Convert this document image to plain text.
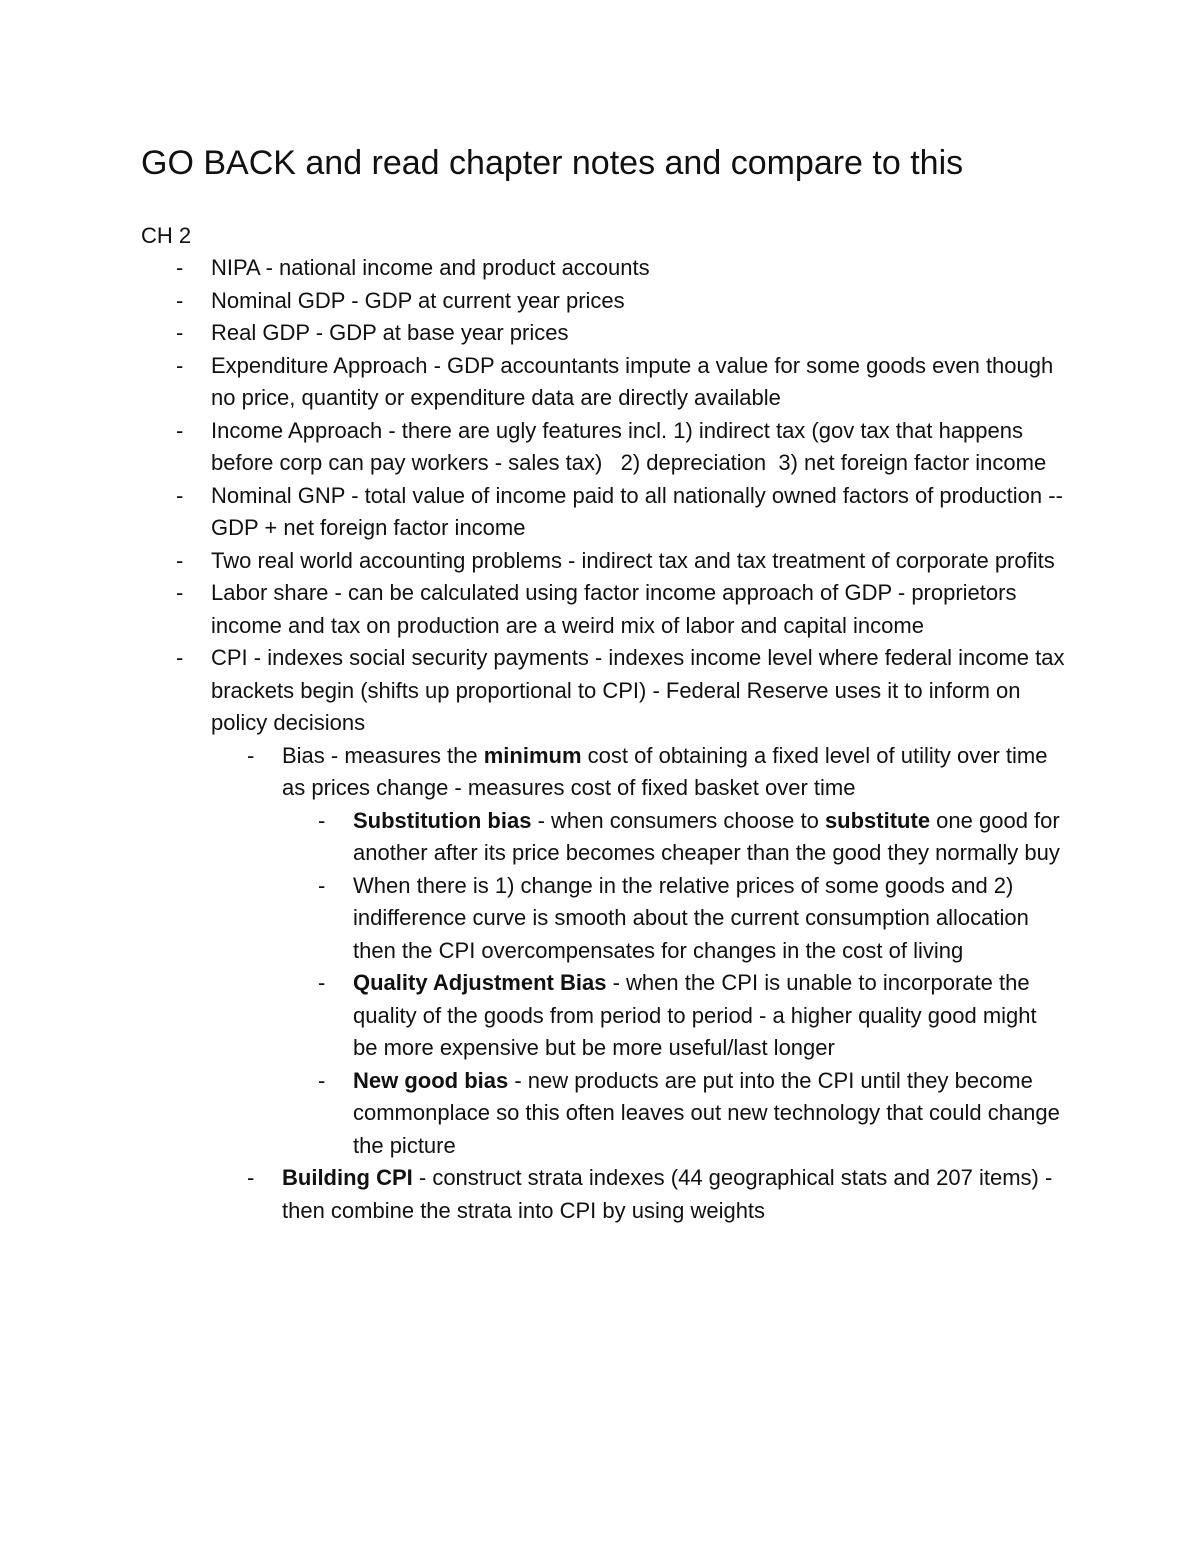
GO BACK and read chapter notes and compare to this
CH 2
- NIPA - national income and product accounts
- Nominal GDP - GDP at current year prices
- Real GDP - GDP at base year prices
- Expenditure Approach - GDP accountants impute a value for some goods even though no price, quantity or expenditure data are directly available
- Income Approach - there are ugly features incl. 1) indirect tax (gov tax that happens before corp can pay workers - sales tax)   2) depreciation  3) net foreign factor income
- Nominal GNP - total value of income paid to all nationally owned factors of production -- GDP + net foreign factor income
- Two real world accounting problems - indirect tax and tax treatment of corporate profits
- Labor share - can be calculated using factor income approach of GDP - proprietors income and tax on production are a weird mix of labor and capital income
- CPI - indexes social security payments - indexes income level where federal income tax brackets begin (shifts up proportional to CPI) - Federal Reserve uses it to inform on policy decisions
- Bias - measures the minimum cost of obtaining a fixed level of utility over time as prices change - measures cost of fixed basket over time
- Substitution bias - when consumers choose to substitute one good for another after its price becomes cheaper than the good they normally buy
- When there is 1) change in the relative prices of some goods and 2) indifference curve is smooth about the current consumption allocation then the CPI overcompensates for changes in the cost of living
- Quality Adjustment Bias - when the CPI is unable to incorporate the quality of the goods from period to period - a higher quality good might be more expensive but be more useful/last longer
- New good bias - new products are put into the CPI until they become commonplace so this often leaves out new technology that could change the picture
- Building CPI - construct strata indexes (44 geographical stats and 207 items) - then combine the strata into CPI by using weights
